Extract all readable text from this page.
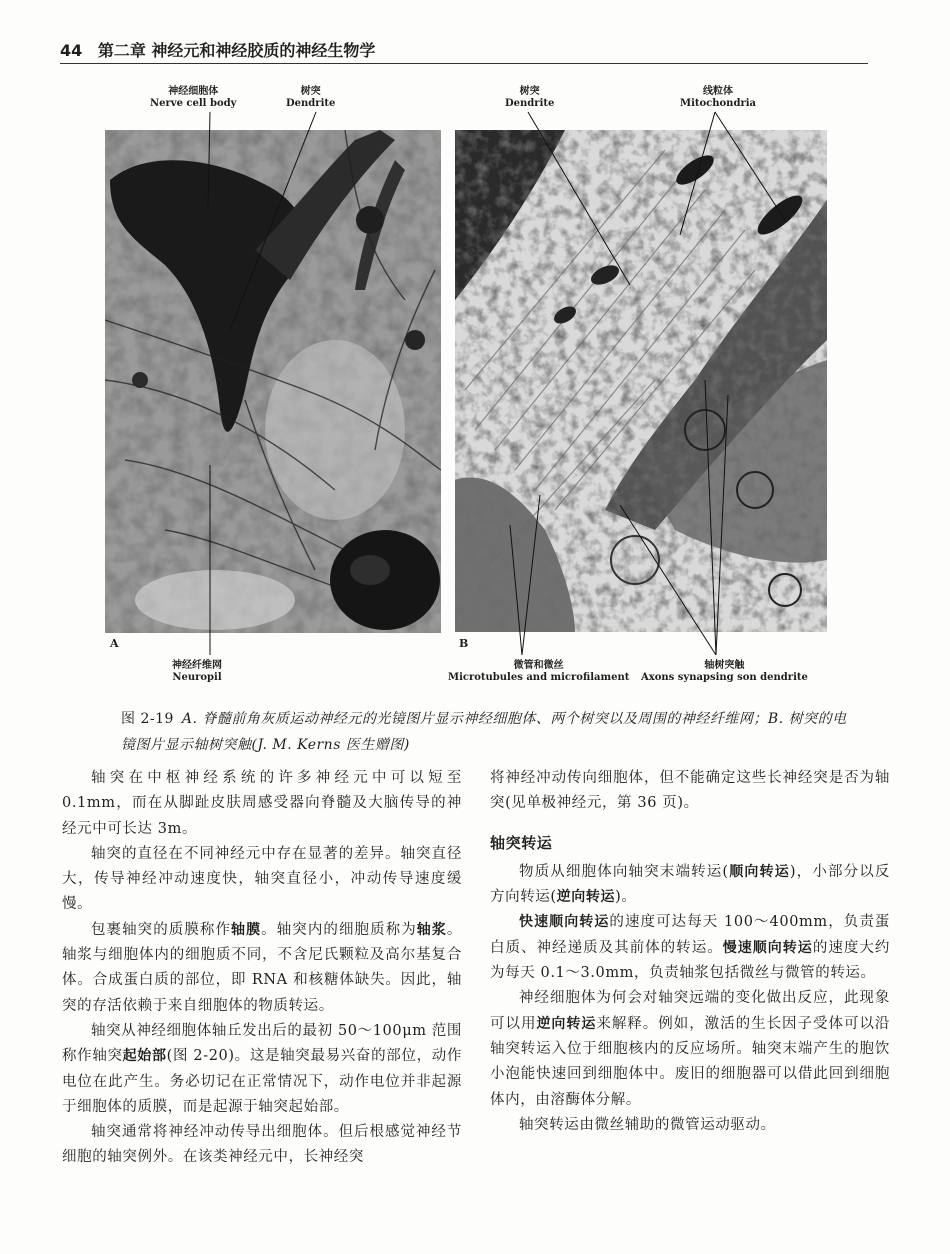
44 第二章 神经元和神经胶质的神经生物学
神经细胞体
Nerve cell body
树突
Dendrite
树突
Dendrite
线粒体
Mitochondria
A	B
神经纤维网
Neuropil
微管和微丝
Microtubules and microfilament
轴树突触
Axons synapsing son dendrite
图 2-19 A. 脊髓前角灰质运动神经元的光镜图片显示神经细胞体、两个树突以及周围的神经纤维网；B. 树突的电镜图片显示轴树突触(J. M. Kerns 医生赠图)

轴突在中枢神经系统的许多神经元中可以短至 0.1mm，而在从脚趾皮肤周感受器向脊髓及大脑传导的神经元中可长达 3m。

轴突的直径在不同神经元中存在显著的差异。轴突直径大，传导神经冲动速度快，轴突直径小，冲动传导速度缓慢。

包裹轴突的质膜称作轴膜。轴突内的细胞质称为轴浆。轴浆与细胞体内的细胞质不同，不含尼氏颗粒及高尔基复合体。合成蛋白质的部位，即 RNA 和核糖体缺失。因此，轴突的存活依赖于来自细胞体的物质转运。

轴突从神经细胞体轴丘发出后的最初 50～100μm 范围称作轴突起始部(图 2-20)。这是轴突最易兴奋的部位，动作电位在此产生。务必切记在正常情况下，动作电位并非起源于细胞体的质膜，而是起源于轴突起始部。

轴突通常将神经冲动传导出细胞体。但后根感觉神经节细胞的轴突例外。在该类神经元中，长神经突

将神经冲动传向细胞体，但不能确定这些长神经突是否为轴突(见单极神经元，第 36 页)。

轴突转运

物质从细胞体向轴突末端转运(顺向转运)，小部分以反方向转运(逆向转运)。

快速顺向转运的速度可达每天 100～400mm，负责蛋白质、神经递质及其前体的转运。慢速顺向转运的速度大约为每天 0.1～3.0mm，负责轴浆包括微丝与微管的转运。

神经细胞体为何会对轴突远端的变化做出反应，此现象可以用逆向转运来解释。例如，激活的生长因子受体可以沿轴突转运入位于细胞核内的反应场所。轴突末端产生的胞饮小泡能快速回到细胞体中。废旧的细胞器可以借此回到细胞体内，由溶酶体分解。

轴突转运由微丝辅助的微管运动驱动。
